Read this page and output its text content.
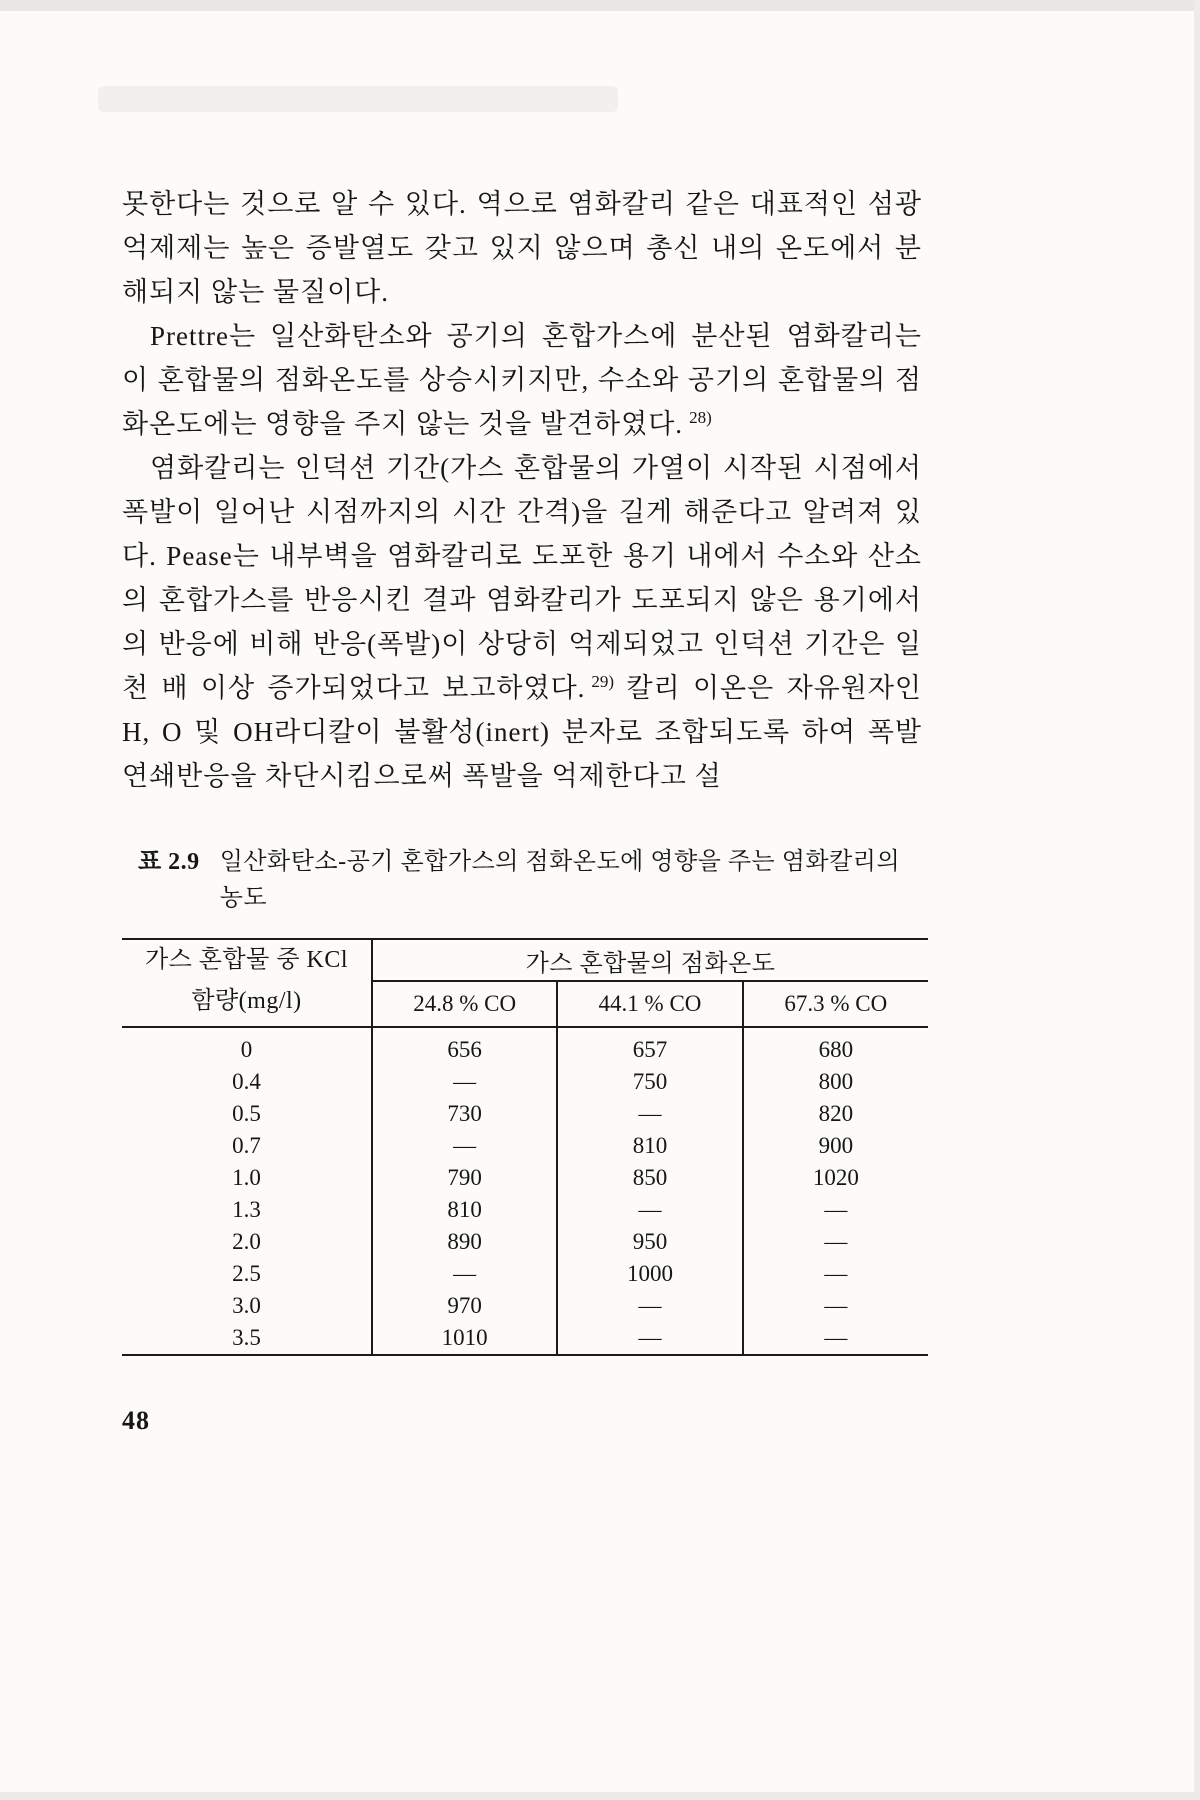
못한다는 것으로 알 수 있다. 역으로 염화칼리 같은 대표적인 섬광 억제제는 높은 증발열도 갖고 있지 않으며 총신 내의 온도에서 분해되지 않는 물질이다.

Prettre는 일산화탄소와 공기의 혼합가스에 분산된 염화칼리는 이 혼합물의 점화온도를 상승시키지만, 수소와 공기의 혼합물의 점화온도에는 영향을 주지 않는 것을 발견하였다. $^{28)}$

염화칼리는 인덕션 기간(가스 혼합물의 가열이 시작된 시점에서 폭발이 일어난 시점까지의 시간 간격)을 길게 해준다고 알려져 있다. Pease는 내부벽을 염화칼리로 도포한 용기 내에서 수소와 산소의 혼합가스를 반응시킨 결과 염화칼리가 도포되지 않은 용기에서의 반응에 비해 반응(폭발)이 상당히 억제되었고 인덕션 기간은 일천 배 이상 증가되었다고 보고하였다. $^{29)}$ 칼리 이온은 자유원자인 H, O 및 OH라디칼이 불활성(inert) 분자로 조합되도록 하여 폭발 연쇄반응을 차단시킴으로써 폭발을 억제한다고 설

표 2.9 일산화탄소-공기 혼합가스의 점화온도에 영향을 주는 염화칼리의 농도
가스 혼합물 중 KCl
함량(mg/l)	가스 혼합물의 점화온도		
	24.8 % CO	44.1 % CO	67.3 % CO
0	656	657	680
0.4	—	750	800
0.5	730	—	820
0.7	—	810	900
1.0	790	850	1020
1.3	810	—	—
2.0	890	950	—
2.5	—	1000	—
3.0	970	—	—
3.5	1010	—	—
48
